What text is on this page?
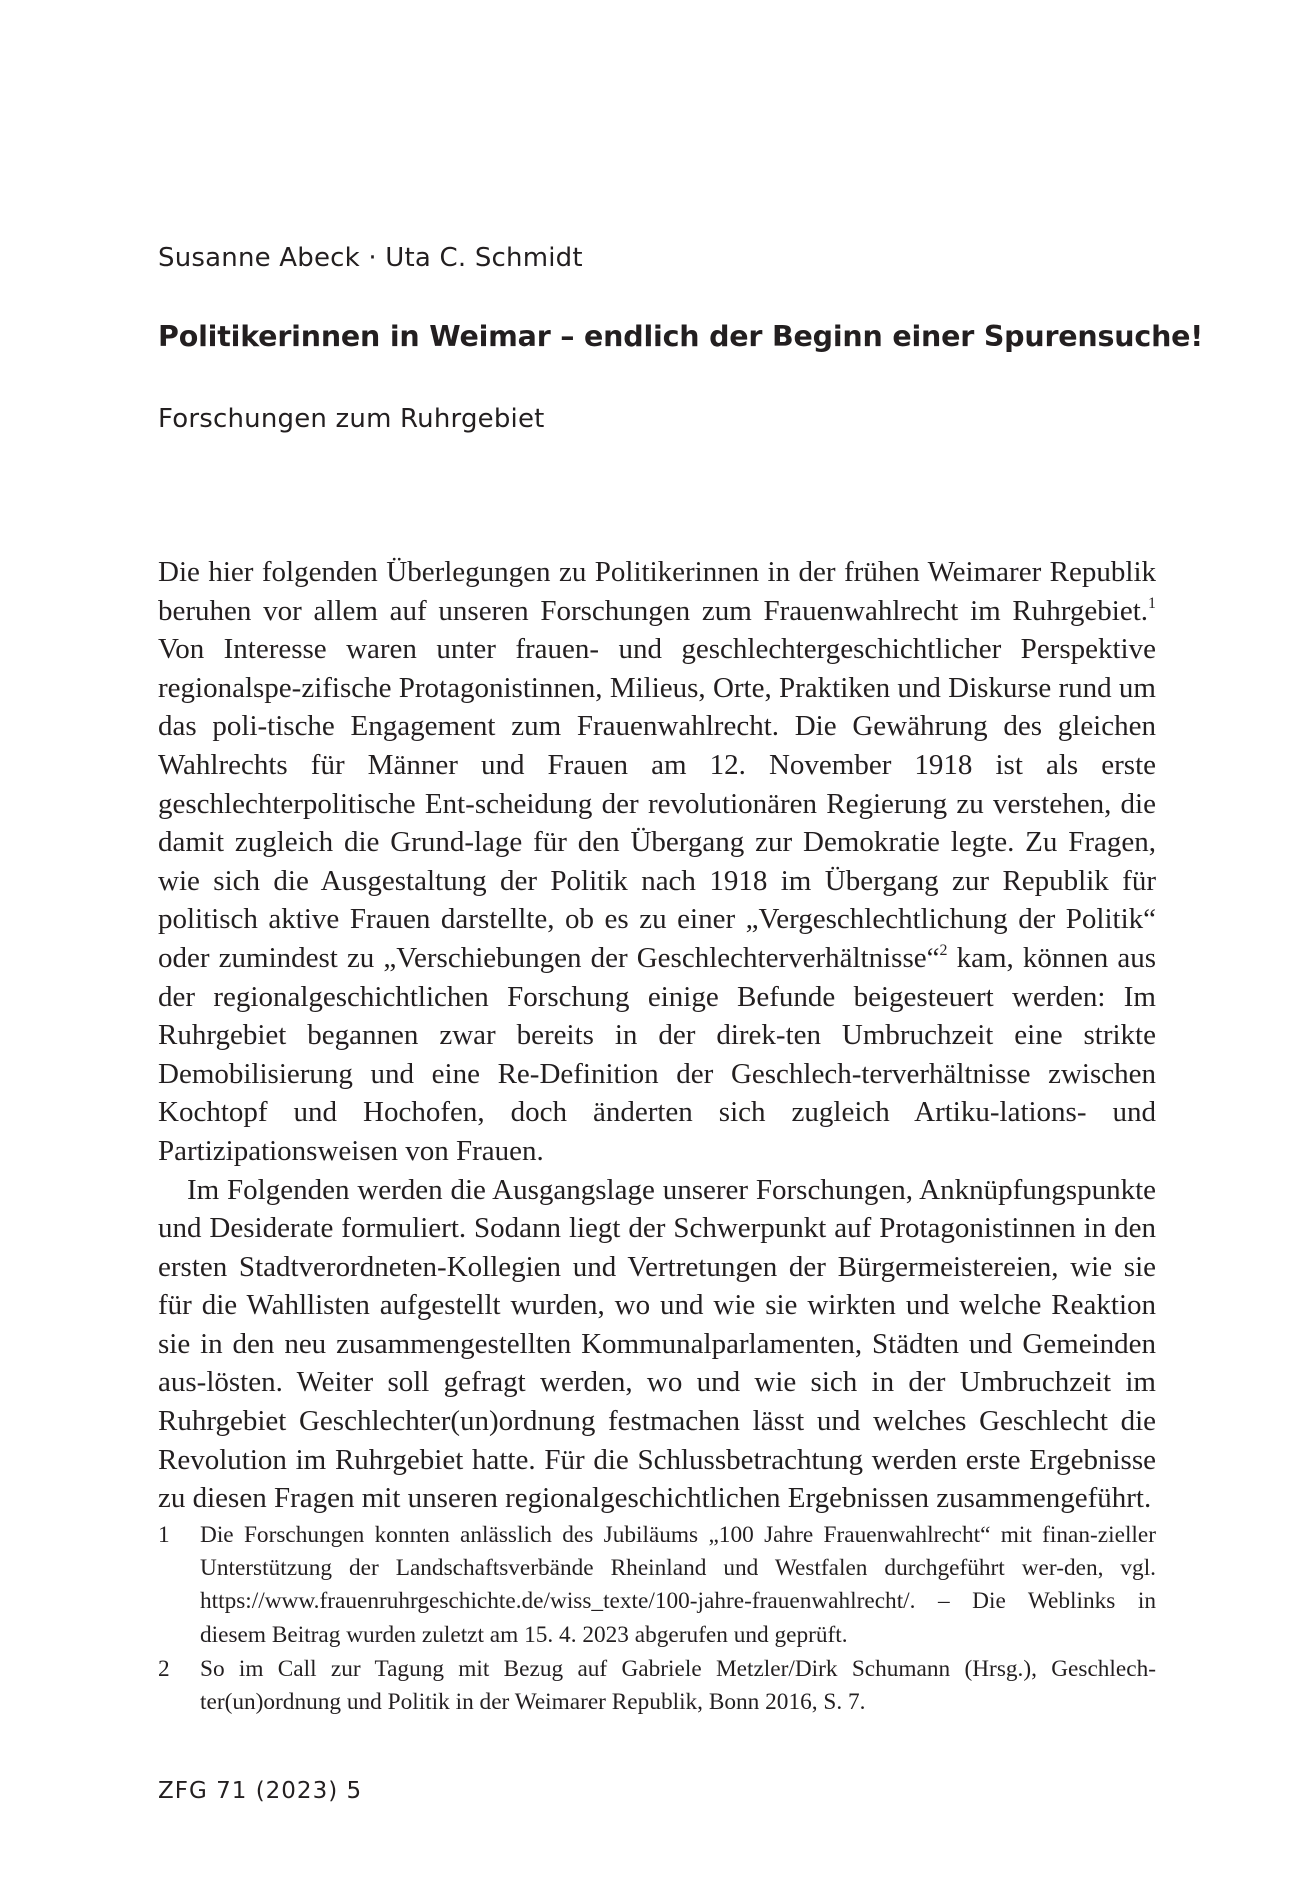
Susanne Abeck · Uta C. Schmidt
Politikerinnen in Weimar – endlich der Beginn einer Spurensuche!
Forschungen zum Ruhrgebiet

Die hier folgenden Überlegungen zu Politikerinnen in der frühen Weimarer Republik beruhen vor allem auf unseren Forschungen zum Frauenwahlrecht im Ruhrgebiet.$^1$ Von Interesse waren unter frauen- und geschlechtergeschichtlicher Perspektive regionalspe-zifische Protagonistinnen, Milieus, Orte, Praktiken und Diskurse rund um das poli-tische Engagement zum Frauenwahlrecht. Die Gewährung des gleichen Wahlrechts für Männer und Frauen am 12. November 1918 ist als erste geschlechterpolitische Ent-scheidung der revolutionären Regierung zu verstehen, die damit zugleich die Grund-lage für den Übergang zur Demokratie legte. Zu Fragen, wie sich die Ausgestaltung der Politik nach 1918 im Übergang zur Republik für politisch aktive Frauen darstellte, ob es zu einer „Vergeschlechtlichung der Politik“ oder zumindest zu „Verschiebungen der Geschlechterverhältnisse“$^2$ kam, können aus der regionalgeschichtlichen Forschung einige Befunde beigesteuert werden: Im Ruhrgebiet begannen zwar bereits in der direk-ten Umbruchzeit eine strikte Demobilisierung und eine Re-Definition der Geschlech-terverhältnisse zwischen Kochtopf und Hochofen, doch änderten sich zugleich Artiku-lations- und Partizipationsweisen von Frauen.

Im Folgenden werden die Ausgangslage unserer Forschungen, Anknüpfungspunkte und Desiderate formuliert. Sodann liegt der Schwerpunkt auf Protagonistinnen in den ersten Stadtverordneten-Kollegien und Vertretungen der Bürgermeistereien, wie sie für die Wahllisten aufgestellt wurden, wo und wie sie wirkten und welche Reaktion sie in den neu zusammengestellten Kommunalparlamenten, Städten und Gemeinden aus-lösten. Weiter soll gefragt werden, wo und wie sich in der Umbruchzeit im Ruhrgebiet Geschlechter(un)ordnung festmachen lässt und welches Geschlecht die Revolution im Ruhrgebiet hatte. Für die Schlussbetrachtung werden erste Ergebnisse zu diesen Fragen mit unseren regionalgeschichtlichen Ergebnissen zusammengeführt.

1 Die Forschungen konnten anlässlich des Jubiläums „100 Jahre Frauenwahlrecht“ mit finan-zieller Unterstützung der Landschaftsverbände Rheinland und Westfalen durchgeführt wer-den, vgl. https://www.frauenruhrgeschichte.de/wiss_texte/100-jahre-frauenwahlrecht/. – Die Weblinks in diesem Beitrag wurden zuletzt am 15. 4. 2023 abgerufen und geprüft.
2 So im Call zur Tagung mit Bezug auf Gabriele Metzler/Dirk Schumann (Hrsg.), Geschlech-ter(un)ordnung und Politik in der Weimarer Republik, Bonn 2016, S. 7.
ZFG 71 (2023) 5
